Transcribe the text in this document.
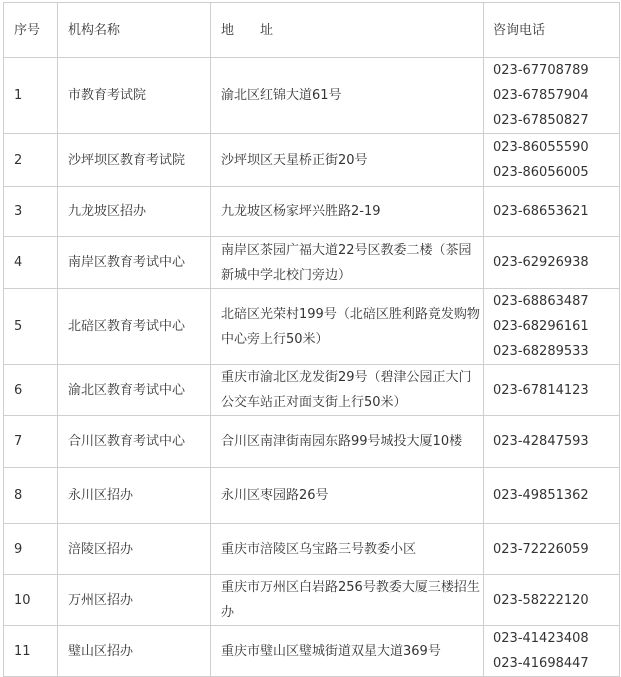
序号	机构名称	地　　址	咨询电话
1	市教育考试院	渝北区红锦大道61号	023-67708789
023-67857904
023-67850827

2	沙坪坝区教育考试院	沙坪坝区天星桥正街20号	023-86055590
023-86056005

3	九龙坡区招办	九龙坡区杨家坪兴胜路2-19	023-68653621

4	南岸区教育考试中心	南岸区茶园广福大道22号区教委二楼（茶园新城中学北校门旁边）	023-62926938

5	北碚区教育考试中心	北碚区光荣村199号（北碚区胜利路竟发购物中心旁上行50米）	023-68863487
023-68296161
023-68289533

6	渝北区教育考试中心	重庆市渝北区龙发街29号（碧津公园正大门公交车站正对面支街上行50米）	023-67814123

7	合川区教育考试中心	合川区南津街南园东路99号城投大厦10楼	023-42847593

8	永川区招办	永川区枣园路26号	023-49851362

9	涪陵区招办	重庆市涪陵区乌宝路三号教委小区	023-72226059

10	万州区招办	重庆市万州区白岩路256号教委大厦三楼招生办	023-58222120

11	璧山区招办	重庆市璧山区璧城街道双星大道369号	023-41423408
023-41698447
